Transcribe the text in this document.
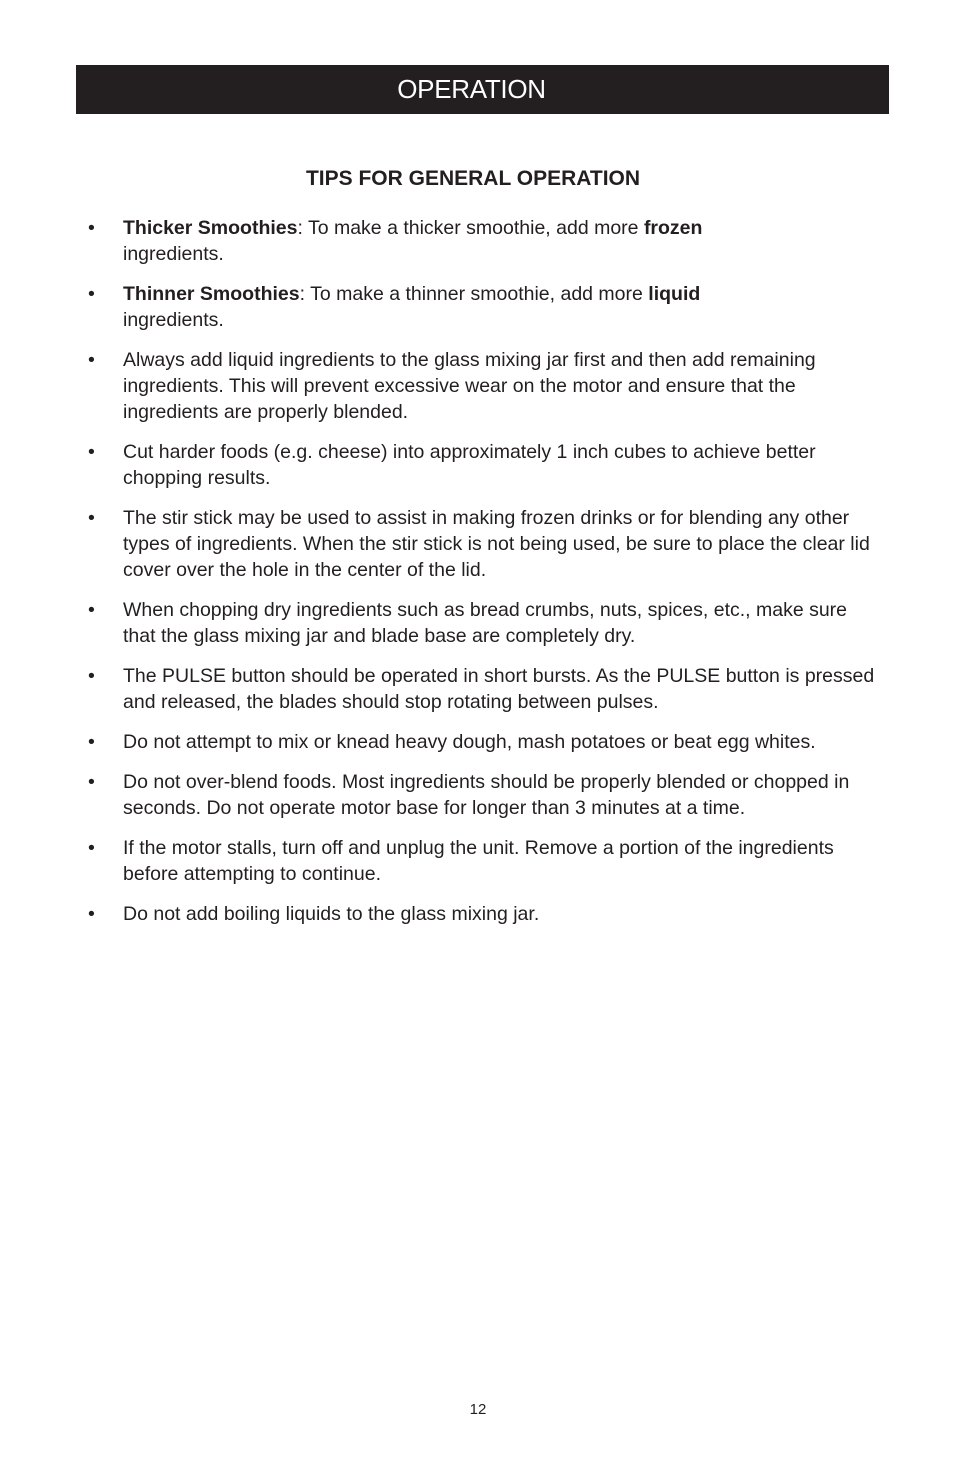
OPERATION
TIPS FOR GENERAL OPERATION
• Thicker Smoothies: To make a thicker smoothie, add more frozen
ingredients.
• Thinner Smoothies: To make a thinner smoothie, add more liquid
ingredients.
• Always add liquid ingredients to the glass mixing jar first and then add remaining ingredients. This will prevent excessive wear on the motor and ensure that the ingredients are properly blended.
• Cut harder foods (e.g. cheese) into approximately 1 inch cubes to achieve better chopping results.
• The stir stick may be used to assist in making frozen drinks or for blending any other types of ingredients. When the stir stick is not being used, be sure to place the clear lid cover over the hole in the center of the lid.
• When chopping dry ingredients such as bread crumbs, nuts, spices, etc., make sure that the glass mixing jar and blade base are completely dry.
• The PULSE button should be operated in short bursts. As the PULSE button is pressed and released, the blades should stop rotating between pulses.
• Do not attempt to mix or knead heavy dough, mash potatoes or beat egg whites.
• Do not over-blend foods. Most ingredients should be properly blended or chopped in seconds. Do not operate motor base for longer than 3 minutes at a time.
• If the motor stalls, turn off and unplug the unit. Remove a portion of the ingredients before attempting to continue.
• Do not add boiling liquids to the glass mixing jar.
12
